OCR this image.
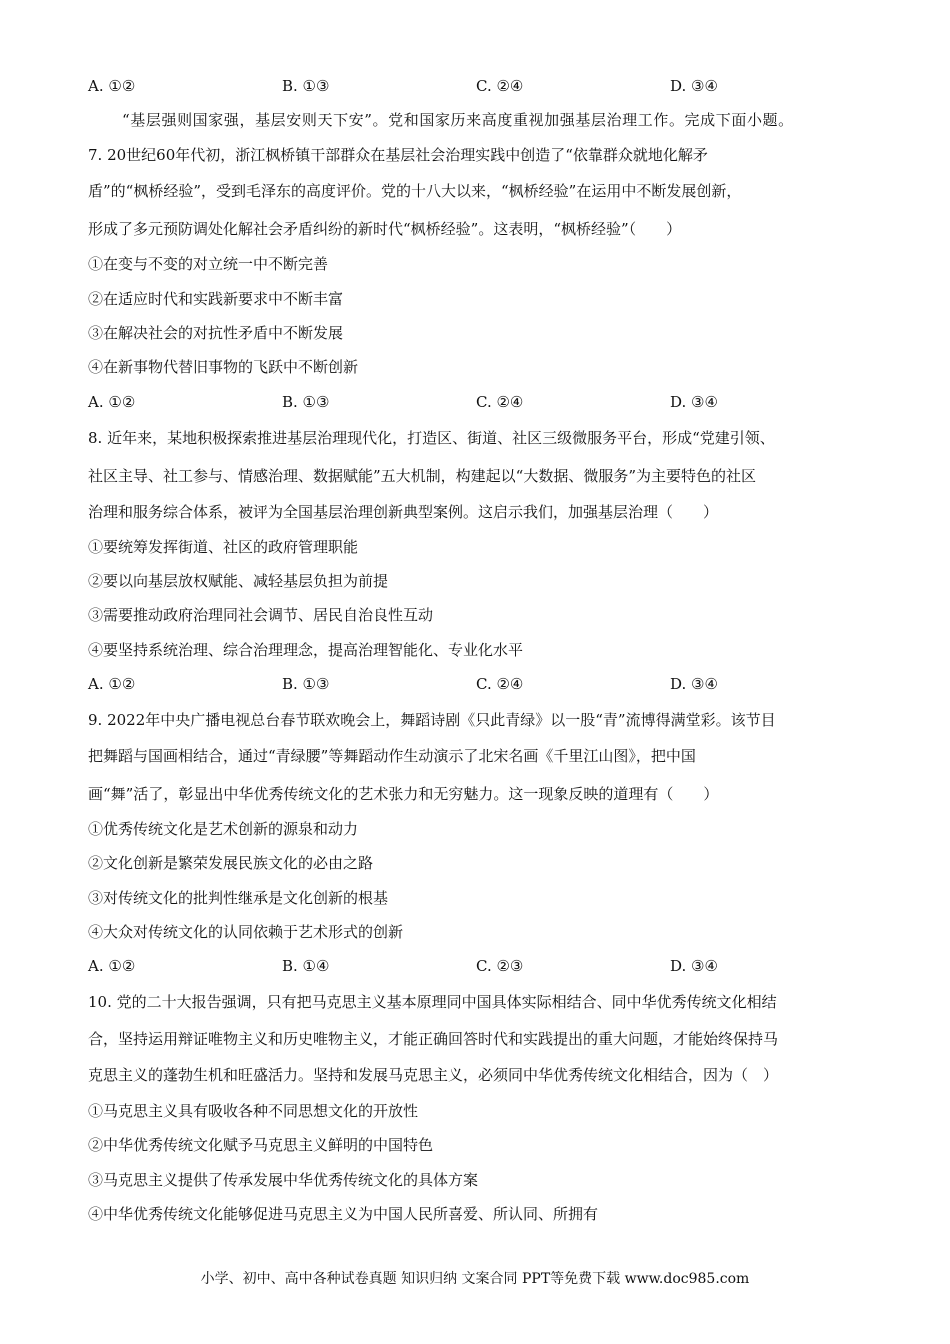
A. ①②	B. ①③	C. ②④	D. ③④
“基层强则国家强，基层安则天下安”。党和国家历来高度重视加强基层治理工作。完成下面小题。
7. 20世纪60年代初，浙江枫桥镇干部群众在基层社会治理实践中创造了“依靠群众就地化解矛
盾”的“枫桥经验”，受到毛泽东的高度评价。党的十八大以来，“枫桥经验”在运用中不断发展创新，
形成了多元预防调处化解社会矛盾纠纷的新时代“枫桥经验”。这表明，“枫桥经验”（　　）
①在变与不变的对立统一中不断完善
②在适应时代和实践新要求中不断丰富
③在解决社会的对抗性矛盾中不断发展
④在新事物代替旧事物的飞跃中不断创新
A. ①②	B. ①③	C. ②④	D. ③④
8. 近年来，某地积极探索推进基层治理现代化，打造区、街道、社区三级微服务平台，形成“党建引领、
社区主导、社工参与、情感治理、数据赋能”五大机制，构建起以“大数据、微服务”为主要特色的社区
治理和服务综合体系，被评为全国基层治理创新典型案例。这启示我们，加强基层治理（　　）
①要统筹发挥街道、社区的政府管理职能
②要以向基层放权赋能、减轻基层负担为前提
③需要推动政府治理同社会调节、居民自治良性互动
④要坚持系统治理、综合治理理念，提高治理智能化、专业化水平
A. ①②	B. ①③	C. ②④	D. ③④
9. 2022年中央广播电视总台春节联欢晚会上，舞蹈诗剧《只此青绿》以一股“青”流博得满堂彩。该节目
把舞蹈与国画相结合，通过“青绿腰”等舞蹈动作生动演示了北宋名画《千里江山图》，把中国
画“舞”活了，彰显出中华优秀传统文化的艺术张力和无穷魅力。这一现象反映的道理有（　　）
①优秀传统文化是艺术创新的源泉和动力
②文化创新是繁荣发展民族文化的必由之路
③对传统文化的批判性继承是文化创新的根基
④大众对传统文化的认同依赖于艺术形式的创新
A. ①②	B. ①④	C. ②③	D. ③④
10. 党的二十大报告强调，只有把马克思主义基本原理同中国具体实际相结合、同中华优秀传统文化相结
合，坚持运用辩证唯物主义和历史唯物主义，才能正确回答时代和实践提出的重大问题，才能始终保持马
克思主义的蓬勃生机和旺盛活力。坚持和发展马克思主义，必须同中华优秀传统文化相结合，因为（　）
①马克思主义具有吸收各种不同思想文化的开放性
②中华优秀传统文化赋予马克思主义鲜明的中国特色
③马克思主义提供了传承发展中华优秀传统文化的具体方案
④中华优秀传统文化能够促进马克思主义为中国人民所喜爱、所认同、所拥有
小学、初中、高中各种试卷真题 知识归纳 文案合同 PPT等免费下载 www.doc985.com
